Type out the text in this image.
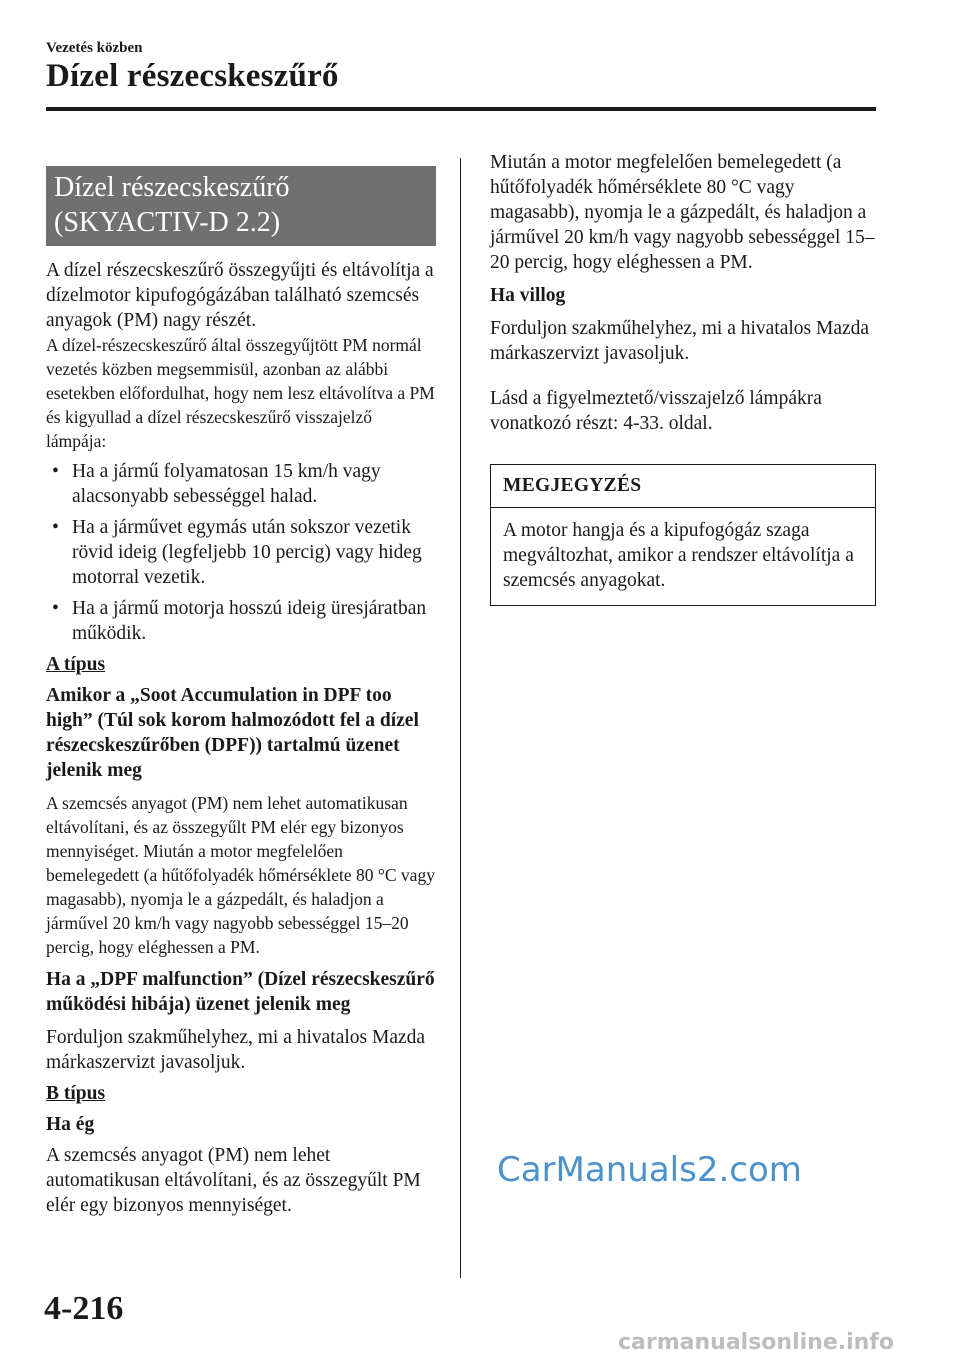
Vezetés közben
Dízel részecskeszűrő
Dízel részecskeszűrő (SKYACTIV-D 2.2)

A dízel részecskeszűrő összegyűjti és eltávolítja a dízelmotor kipufogógázában található szemcsés anyagok (PM) nagy részét.

A dízel-részecskeszűrő által összegyűjtött PM normál vezetés közben megsemmisül, azonban az alábbi esetekben előfordulhat, hogy nem lesz eltávolítva a PM és kigyullad a dízel részecskeszűrő visszajelző lámpája:

• Ha a jármű folyamatosan 15 km/h vagy alacsonyabb sebességgel halad.
• Ha a járművet egymás után sokszor vezetik rövid ideig (legfeljebb 10 percig) vagy hideg motorral vezetik.
• Ha a jármű motorja hosszú ideig üresjáratban működik.
A típus

Amikor a „Soot Accumulation in DPF too high” (Túl sok korom halmozódott fel a dízel részecskeszűrőben (DPF)) tartalmú üzenet jelenik meg

A szemcsés anyagot (PM) nem lehet automatikusan eltávolítani, és az összegyűlt PM elér egy bizonyos mennyiséget. Miután a motor megfelelően bemelegedett (a hűtőfolyadék hőmérséklete 80 °C vagy magasabb), nyomja le a gázpedált, és haladjon a járművel 20 km/h vagy nagyobb sebességgel 15–20 percig, hogy eléghessen a PM.

Ha a „DPF malfunction” (Dízel részecskeszűrő működési hibája) üzenet jelenik meg

Forduljon szakműhelyhez, mi a hivatalos Mazda márkaszervizt javasoljuk.

B típus

Ha ég

A szemcsés anyagot (PM) nem lehet automatikusan eltávolítani, és az összegyűlt PM elér egy bizonyos mennyiséget.

Miután a motor megfelelően bemelegedett (a hűtőfolyadék hőmérséklete 80 °C vagy magasabb), nyomja le a gázpedált, és haladjon a járművel 20 km/h vagy nagyobb sebességgel 15–20 percig, hogy eléghessen a PM.

Ha villog

Forduljon szakműhelyhez, mi a hivatalos Mazda márkaszervizt javasoljuk.

Lásd a figyelmeztető/visszajelző lámpákra vonatkozó részt: 4-33. oldal.

MEGJEGYZÉS
A motor hangja és a kipufogógáz szaga megváltozhat, amikor a rendszer eltávolítja a szemcsés anyagokat.
CarManuals2.com
4-216
carmanualsonline.info
